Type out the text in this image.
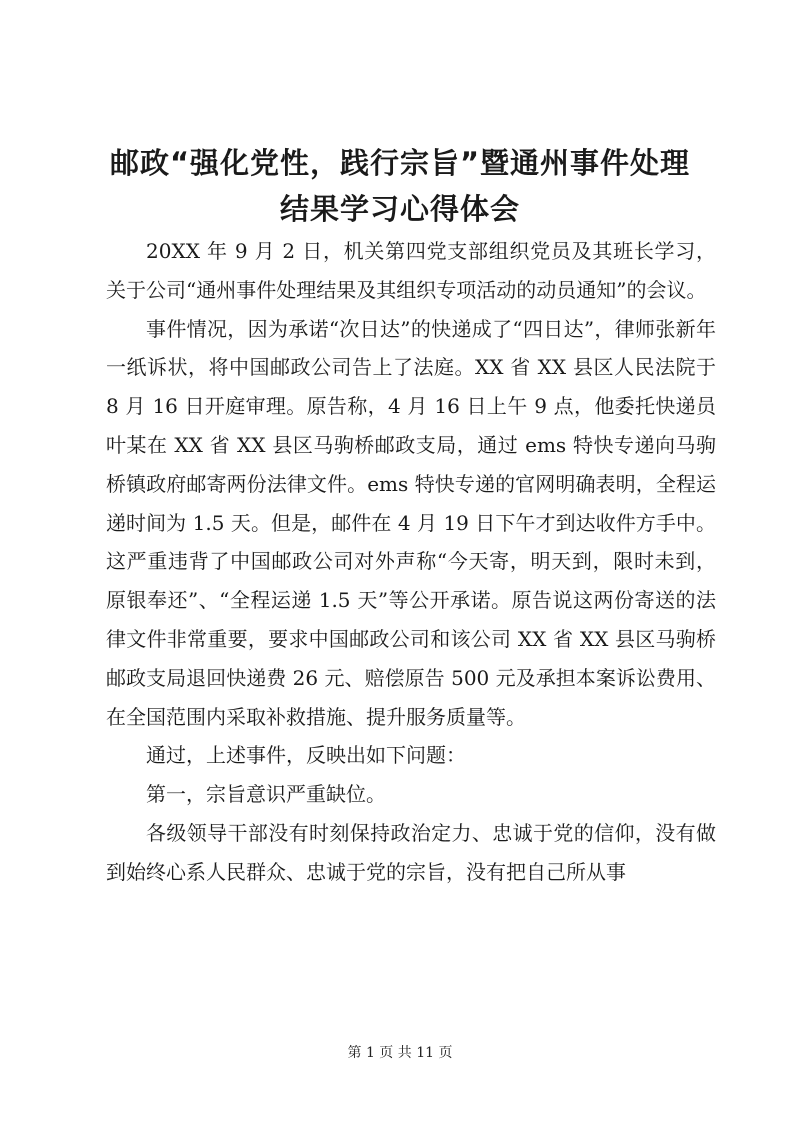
邮政“强化党性，践行宗旨”暨通州事件处理
结果学习心得体会

20XX 年 9 月 2 日，机关第四党支部组织党员及其班长学习，关于公司“通州事件处理结果及其组织专项活动的动员通知”的会议。

事件情况，因为承诺“次日达”的快递成了“四日达”，律师张新年一纸诉状，将中国邮政公司告上了法庭。XX 省 XX 县区人民法院于 8 月 16 日开庭审理。原告称，4 月 16 日上午 9 点，他委托快递员叶某在 XX 省 XX 县区马驹桥邮政支局，通过 ems 特快专递向马驹桥镇政府邮寄两份法律文件。ems 特快专递的官网明确表明，全程运递时间为 1.5 天。但是，邮件在 4 月 19 日下午才到达收件方手中。这严重违背了中国邮政公司对外声称“今天寄，明天到，限时未到，原银奉还”、“全程运递 1.5 天”等公开承诺。原告说这两份寄送的法律文件非常重要，要求中国邮政公司和该公司 XX 省 XX 县区马驹桥邮政支局退回快递费 26 元、赔偿原告 500 元及承担本案诉讼费用、在全国范围内采取补救措施、提升服务质量等。

通过，上述事件，反映出如下问题：

第一，宗旨意识严重缺位。

各级领导干部没有时刻保持政治定力、忠诚于党的信仰，没有做到始终心系人民群众、忠诚于党的宗旨，没有把自己所从事

第 1 页 共 11 页
